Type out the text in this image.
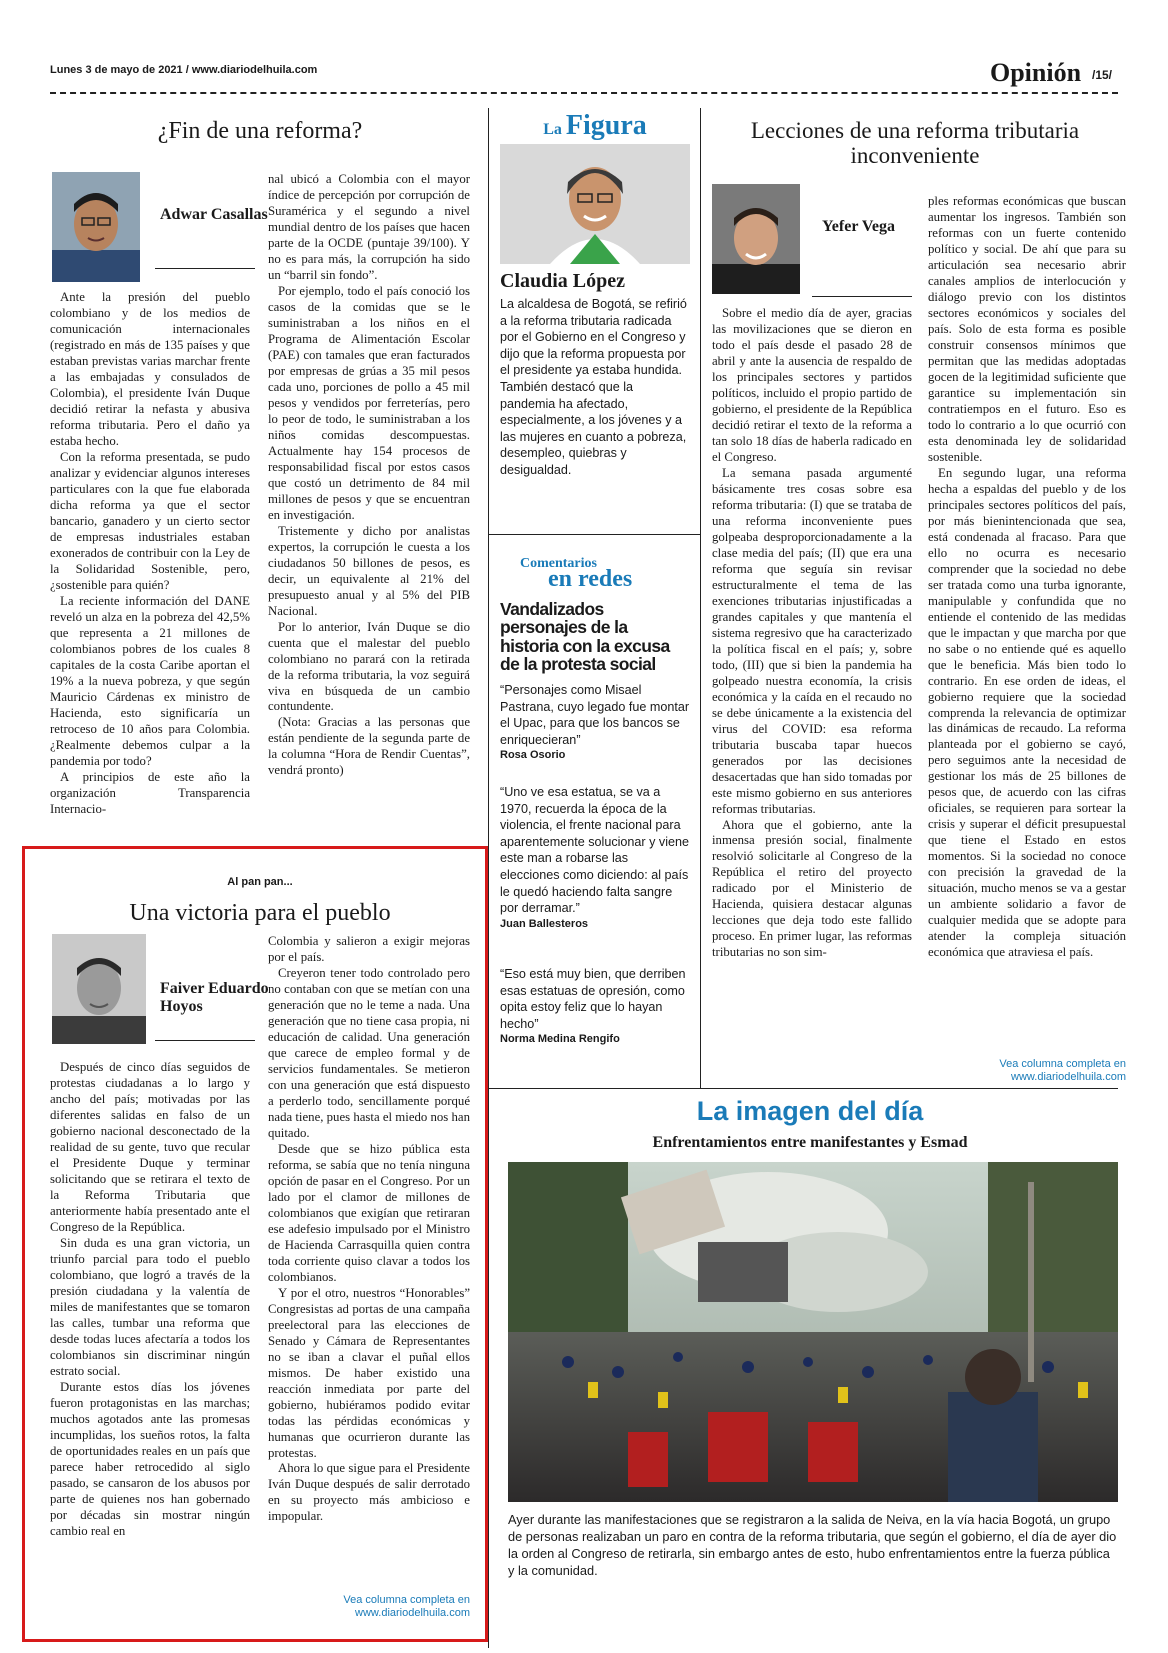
Lunes 3 de mayo de 2021 / www.diariodelhuila.com	Opinión /15/
¿Fin de una reforma?
Adwar Casallas

Ante la presión del pueblo colombiano y de los medios de comunicación internacionales (registrado en más de 135 países y que estaban previstas varias marchar frente a las embajadas y consulados de Colombia), el presidente Iván Duque decidió retirar la nefasta y abusiva reforma tributaria. Pero el daño ya estaba hecho.

Con la reforma presentada, se pudo analizar y evidenciar algunos intereses particulares con la que fue elaborada dicha reforma ya que el sector bancario, ganadero y un cierto sector de empresas industriales estaban exonerados de contribuir con la Ley de la Solidaridad Sostenible, pero, ¿sostenible para quién?

La reciente información del DANE reveló un alza en la pobreza del 42,5% que representa a 21 millones de colombianos pobres de los cuales 8 capitales de la costa Caribe aportan el 19% a la nueva pobreza, y que según Mauricio Cárdenas ex ministro de Hacienda, esto significaría un retroceso de 10 años para Colombia. ¿Realmente debemos culpar a la pandemia por todo?

A principios de este año la organización Transparencia Internacio-

nal ubicó a Colombia con el mayor índice de percepción por corrupción de Suramérica y el segundo a nivel mundial dentro de los países que hacen parte de la OCDE (puntaje 39/100). Y no es para más, la corrupción ha sido un “barril sin fondo”.

Por ejemplo, todo el país conoció los casos de la comidas que se le suministraban a los niños en el Programa de Alimentación Escolar (PAE) con tamales que eran facturados por empresas de grúas a 35 mil pesos cada uno, porciones de pollo a 45 mil pesos y vendidos por ferreterías, pero lo peor de todo, le suministraban a los niños comidas descompuestas. Actualmente hay 154 procesos de responsabilidad fiscal por estos casos que costó un detrimento de 84 mil millones de pesos y que se encuentran en investigación.

Tristemente y dicho por analistas expertos, la corrupción le cuesta a los ciudadanos 50 billones de pesos, es decir, un equivalente al 21% del presupuesto anual y al 5% del PIB Nacional.

Por lo anterior, Iván Duque se dio cuenta que el malestar del pueblo colombiano no parará con la retirada de la reforma tributaria, la voz seguirá viva en búsqueda de un cambio contundente.

(Nota: Gracias a las personas que están pendiente de la segunda parte de la columna “Hora de Rendir Cuentas”, vendrá pronto)

Al pan pan...
Una victoria para el pueblo
Faiver Eduardo Hoyos

Después de cinco días seguidos de protestas ciudadanas a lo largo y ancho del país; motivadas por las diferentes salidas en falso de un gobierno nacional desconectado de la realidad de su gente, tuvo que recular el Presidente Duque y terminar solicitando que se retirara el texto de la Reforma Tributaria que anteriormente había presentado ante el Congreso de la República.

Sin duda es una gran victoria, un triunfo parcial para todo el pueblo colombiano, que logró a través de la presión ciudadana y la valentía de miles de manifestantes que se tomaron las calles, tumbar una reforma que desde todas luces afectaría a todos los colombianos sin discriminar ningún estrato social.

Durante estos días los jóvenes fueron protagonistas en las marchas; muchos agotados ante las promesas incumplidas, los sueños rotos, la falta de oportunidades reales en un país que parece haber retrocedido al siglo pasado, se cansaron de los abusos por parte de quienes nos han gobernado por décadas sin mostrar ningún cambio real en

Colombia y salieron a exigir mejoras por el país.

Creyeron tener todo controlado pero no contaban con que se metían con una generación que no le teme a nada. Una generación que no tiene casa propia, ni educación de calidad. Una generación que carece de empleo formal y de servicios fundamentales. Se metieron con una generación que está dispuesto a perderlo todo, sencillamente porqué nada tiene, pues hasta el miedo nos han quitado.

Desde que se hizo pública esta reforma, se sabía que no tenía ninguna opción de pasar en el Congreso. Por un lado por el clamor de millones de colombianos que exigían que retiraran ese adefesio impulsado por el Ministro de Hacienda Carrasquilla quien contra toda corriente quiso clavar a todos los colombianos.

Y por el otro, nuestros “Honorables” Congresistas ad portas de una campaña preelectoral para las elecciones de Senado y Cámara de Representantes no se iban a clavar el puñal ellos mismos. De haber existido una reacción inmediata por parte del gobierno, hubiéramos podido evitar todas las pérdidas económicas y humanas que ocurrieron durante las protestas.

Ahora lo que sigue para el Presidente Iván Duque después de salir derrotado en su proyecto más ambicioso e impopular.

Vea columna completa en www.diariodelhuila.com
La Figura
Claudia López
La alcaldesa de Bogotá, se refirió a la reforma tributaria radicada por el Gobierno en el Congreso y dijo que la reforma propuesta por el presidente ya estaba hundida. También destacó que la pandemia ha afectado, especialmente, a los jóvenes y a las mujeres en cuanto a pobreza, desempleo, quiebras y desigualdad.
Comentarios
en redes
Vandalizados personajes de la historia con la excusa de la protesta social
“Personajes como Misael Pastrana, cuyo legado fue montar el Upac, para que los bancos se enriquecieran”
Rosa Osorio
“Uno ve esa estatua, se va a 1970, recuerda la época de la violencia, el frente nacional para aparentemente solucionar y viene este man a robarse las elecciones como diciendo: al país le quedó haciendo falta sangre por derramar.”
Juan Ballesteros
“Eso está muy bien, que derriben esas estatuas de opresión, como opita estoy feliz que lo hayan hecho”
Norma Medina Rengifo
Lecciones de una reforma tributaria inconveniente
Yefer Vega

Sobre el medio día de ayer, gracias las movilizaciones que se dieron en todo el país desde el pasado 28 de abril y ante la ausencia de respaldo de los principales sectores y partidos políticos, incluido el propio partido de gobierno, el presidente de la República decidió retirar el texto de la reforma a tan solo 18 días de haberla radicado en el Congreso.

La semana pasada argumenté básicamente tres cosas sobre esa reforma tributaria: (I) que se trataba de una reforma inconveniente pues golpeaba desproporcionadamente a la clase media del país; (II) que era una reforma que seguía sin revisar estructuralmente el tema de las exenciones tributarias injustificadas a grandes capitales y que mantenía el sistema regresivo que ha caracterizado la política fiscal en el país; y, sobre todo, (III) que si bien la pandemia ha golpeado nuestra economía, la crisis económica y la caída en el recaudo no se debe únicamente a la existencia del virus del COVID: esa reforma tributaria buscaba tapar huecos generados por las decisiones desacertadas que han sido tomadas por este mismo gobierno en sus anteriores reformas tributarias.

Ahora que el gobierno, ante la inmensa presión social, finalmente resolvió solicitarle al Congreso de la República el retiro del proyecto radicado por el Ministerio de Hacienda, quisiera destacar algunas lecciones que deja todo este fallido proceso. En primer lugar, las reformas tributarias no son sim-

ples reformas económicas que buscan aumentar los ingresos. También son reformas con un fuerte contenido político y social. De ahí que para su articulación sea necesario abrir canales amplios de interlocución y diálogo previo con los distintos sectores económicos y sociales del país. Solo de esta forma es posible construir consensos mínimos que permitan que las medidas adoptadas gocen de la legitimidad suficiente que garantice su implementación sin contratiempos en el futuro. Eso es todo lo contrario a lo que ocurrió con esta denominada ley de solidaridad sostenible.

En segundo lugar, una reforma hecha a espaldas del pueblo y de los principales sectores políticos del país, por más bienintencionada que sea, está condenada al fracaso. Para que ello no ocurra es necesario comprender que la sociedad no debe ser tratada como una turba ignorante, manipulable y confundida que no entiende el contenido de las medidas que le impactan y que marcha por que no sabe o no entiende qué es aquello que le beneficia. Más bien todo lo contrario. En ese orden de ideas, el gobierno requiere que la sociedad comprenda la relevancia de optimizar las dinámicas de recaudo. La reforma planteada por el gobierno se cayó, pero seguimos ante la necesidad de gestionar los más de 25 billones de pesos que, de acuerdo con las cifras oficiales, se requieren para sortear la crisis y superar el déficit presupuestal que tiene el Estado en estos momentos. Si la sociedad no conoce con precisión la gravedad de la situación, mucho menos se va a gestar un ambiente solidario a favor de cualquier medida que se adopte para atender la compleja situación económica que atraviesa el país.

Vea columna completa en www.diariodelhuila.com
La imagen del día
Enfrentamientos entre manifestantes y Esmad
Ayer durante las manifestaciones que se registraron a la salida de Neiva, en la vía hacia Bogotá, un grupo de personas realizaban un paro en contra de la reforma tributaria, que según el gobierno, el día de ayer dio la orden al Congreso de retirarla, sin embargo antes de esto, hubo enfrentamientos entre la fuerza pública y la comunidad.
